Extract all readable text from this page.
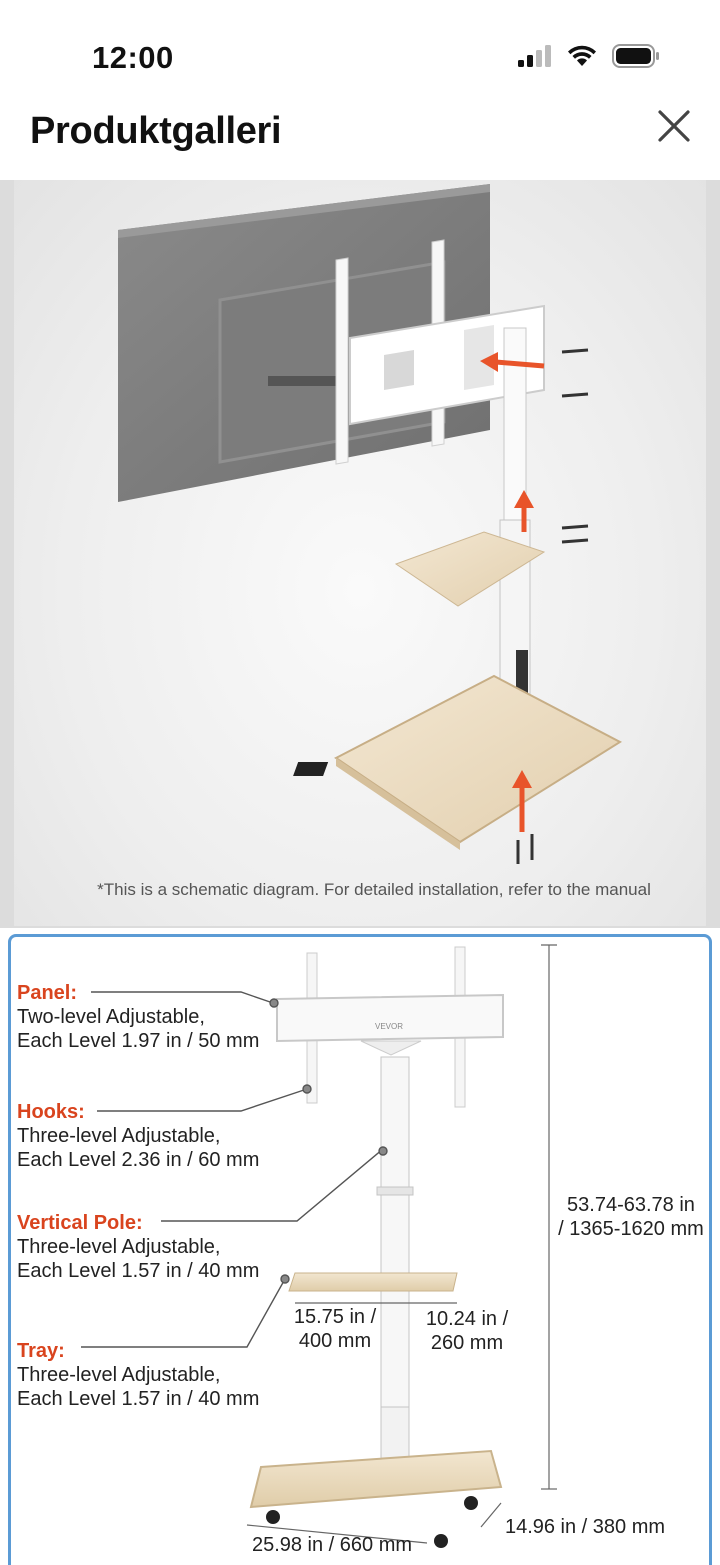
12:00
Produktgalleri
*This is a schematic diagram. For detailed installation, refer to the manual
VEVOR
Panel:
Two-level Adjustable,
Each Level 1.97 in / 50 mm
Hooks:
Three-level Adjustable,
Each Level 2.36 in / 60 mm
Vertical Pole:
Three-level Adjustable,
Each Level 1.57 in / 40 mm
Tray:
Three-level Adjustable,
Each Level 1.57 in / 40 mm
53.74-63.78 in
/ 1365-1620 mm
15.75 in /
400 mm
10.24 in /
260 mm
25.98 in / 660 mm
14.96 in / 380 mm
